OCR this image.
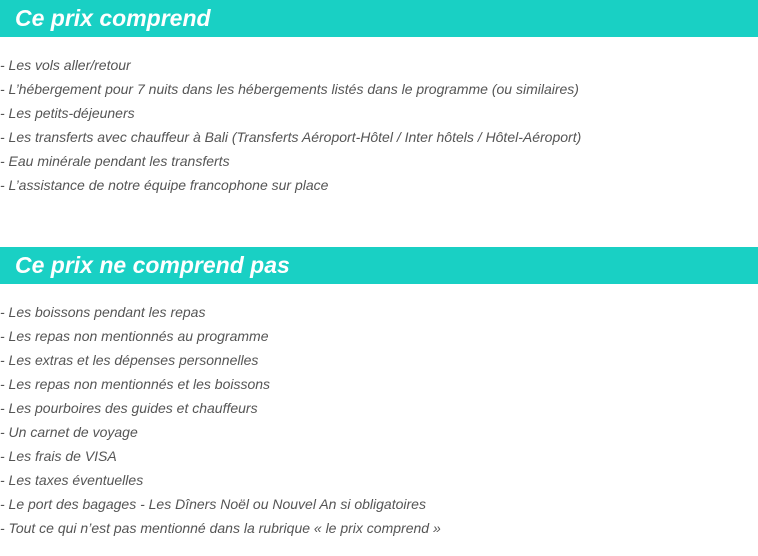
Ce prix comprend
- Les vols aller/retour
- L’hébergement pour 7 nuits dans les hébergements listés dans le programme (ou similaires)
- Les petits-déjeuners
- Les transferts avec chauffeur à Bali (Transferts Aéroport-Hôtel / Inter hôtels / Hôtel-Aéroport)
- Eau minérale pendant les transferts
- L’assistance de notre équipe francophone sur place
Ce prix ne comprend pas
- Les boissons pendant les repas
- Les repas non mentionnés au programme
- Les extras et les dépenses personnelles
- Les repas non mentionnés et les boissons
- Les pourboires des guides et chauffeurs
- Un carnet de voyage
- Les frais de VISA
- Les taxes éventuelles
- Le port des bagages - Les Dîners Noël ou Nouvel An si obligatoires
- Tout ce qui n’est pas mentionné dans la rubrique « le prix comprend »
